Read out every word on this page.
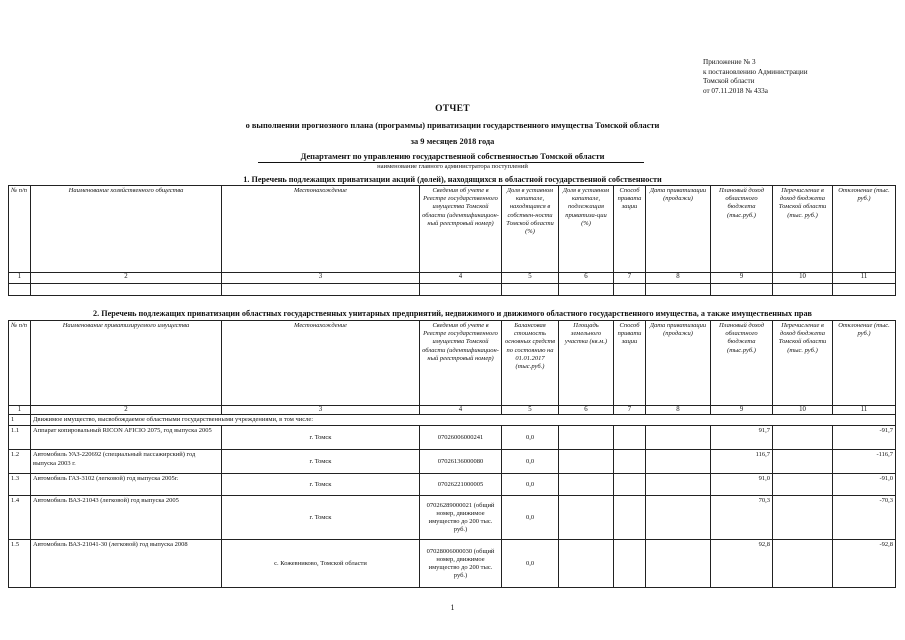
Приложение № 3
к постановлению Администрации
Томской области
от 07.11.2018 № 433а
ОТЧЕТ
о выполнении прогнозного плана (программы) приватизации государственного имущества Томской области
за 9 месяцев 2018 года
Департамент по управлению государственной собственностью Томской области
наименование главного администратора поступлений
1. Перечень подлежащих приватизации акций (долей), находящихся в областной государственной собственности
№ п/п	Наименование хозяйственного общества	Местонахождение	Сведения об учете в Реестре государственного имущества Томской области (идентификацион-ный реестровый номер)	Доля в уставном капитале, находящаяся в собствен-ности Томской области (%)	Доля в уставном капитале, подлежащая приватиза-ции (%)	Способ привата зации	Дата приватизации (продажи)	Плановый доход областного бюджета (тыс.руб.)	Перечисление в доход бюджета Томской области (тыс. руб.)	Отклонение (тыс. руб.)
1	2	3	4	5	6	7	8	9	10	11

2. Перечень подлежащих приватизации областных государственных унитарных предприятий, недвижимого и движимого областного государственного имущества, а также имущественных прав
№ п/п	Наименование приватизируемого имущества	Местонахождение	Сведения об учете в Реестре государственного имущества Томской области (идентификацион-ный реестровый номер)	Балансовая стоимость основных средств по состоянию на 01.01.2017 (тыс.руб.)	Площадь земельного участка (кв.м.)	Способ привати зации	Дата приватизации (продажи)	Плановый доход областного бюджета (тыс.руб.)	Перечисление в доход бюджета Томской области (тыс. руб.)	Отклонение (тыс. руб.)
1	2	3	4	5	6	7	8	9	10	11
1	Движимое имущество, высвобождаемое областными государственными учреждениями, в том числе:									
1.1	Аппарат копировальный RICON AFICIO 2075, год выпуска 2005	г. Томск	07026006000241	0,0				91,7		-91,7
1.2	Автомобиль УАЗ-220692 (специальный пассажирский) год выпуска 2003 г.	г. Томск	07026136000080	0,0				116,7		-116,7
1.3	Автомобиль ГАЗ-3102 (легковой) год выпуска 2005г.	г. Томск	07026221000005	0,0				91,0		-91,0
1.4	Автомобиль ВАЗ-21043 (легковой) год выпуска 2005	г. Томск	07026289000021 (общий номер, движимое имущество до 200 тыс. руб.)	0,0				70,3		-70,3
1.5	Автомобиль ВАЗ-21041-30 (легковой) год выпуска 2008	с. Кожевниково, Томской области	07028006000030 (общий номер, движимое имущество до 200 тыс. руб.)	0,0				92,8		-92,8
1
